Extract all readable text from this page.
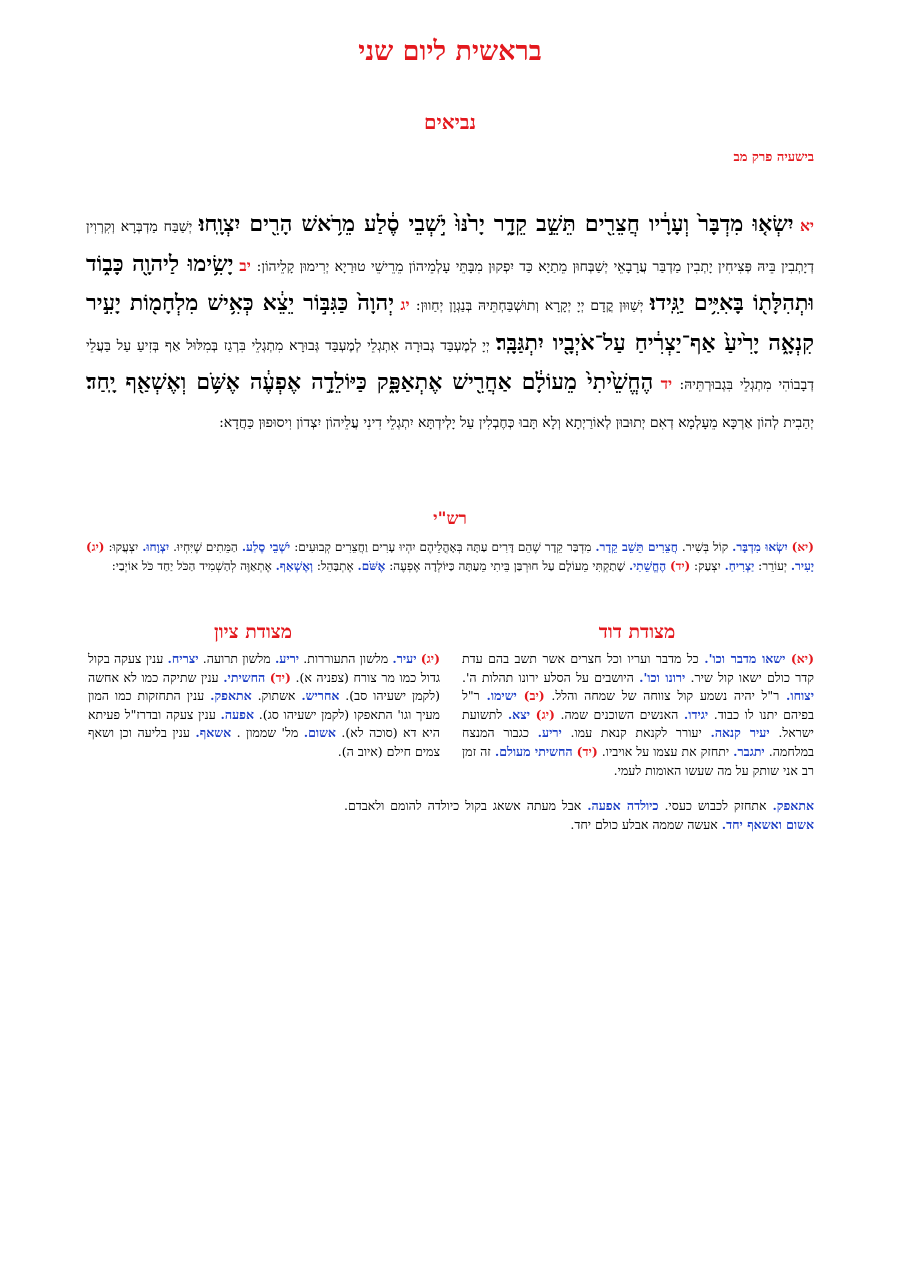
בראשית ליום שני
נביאים
בישעיה פרק מב
יא יִשְׂא֤וּ מִדְבָּר֙ וְעָרָ֔יו חֲצֵרִ֖ים תֵּשֵׁ֣ב קֵדָ֑ר יָרֹ֙נּוּ֙ יֹ֣שְׁבֵי סֶ֔לַע מֵרֹ֥אשׁ הָרִ֖ים יִצְוָֽחוּ׃ יְשַׁבַּח מַדְבְּרָא וְקִרְוִין דְיָתְבִין בֵּיהּ פְּצִיחִין יָתְבִין מַדְבַּר עֲרָבָאֵי יְשַׁבְּחוּן מֵתַיָא כַּד יִפְקוּן מִבָּתֵּי עָלְמֵיהוֹן מֵרֵישֵׁי טוּרַיָא יְרִימוּן קָלֵיהוֹן: יב יָשִׂ֥ימוּ לַיהוָ֖ה כָּב֑וֹד וּתְהִלָּת֖וֹ בָּאִיִּ֥ים יַגִּֽידוּ׃ יְשַׁוּוּן קֳדָם יְיָ יְקָרָא וְתוּשְׁבַּחְתֵּיהּ בְּנַגְוָן יְחַווּן: יג יְהוָה֙ כַּגִּבּ֣וֹר יֵצֵ֔א כְּאִ֥ישׁ מִלְחָמ֖וֹת יָעִ֣יר קִנְאָ֑ה יָרִ֙יעַ֙ אַף־יַצְרִ֔יחַ עַל־אֹיְבָ֖יו יִתְגַּבָּֽר׃ יְיָ לְמֶעְבַּד גְבוּרָה אִתְגְלֵי לְמֶעְבַּד גְּבוּרָא מִתְגְלֵי בִּרְגַז בְּמִלּוּל אַף בְּזִיעַ עַל בַּעֲלֵי דְבָבוֹהִי מִתְגְלֵי בִּגְבוּרְתֵּיהּ: יד הֶחֱשֵׁ֙יתִי֙ מֵעוֹלָ֔ם אַחֲרִ֖ישׁ אֶתְאַפָּ֑ק כַּיּוֹלֵדָ֣ה אֶפְעֶ֔ה אֶשֹּׁ֥ם וְאֶשְׁאַ֖ף יָֽחַד׃ יְהַבִית לְהוֹן אַרְכָּא מֵעָלְמָא דְאִם יְתוּבוּן לְאוֹרַיְתָא וְלָא תָּבוּ כְּחֶבְלִין עַל יָלְידְתָּא יִתְגְלֵי דִינִי עֲלֵיהוֹן יִצְדוֹן וִיסוּפוּן כַּחֲדָא:
רש"י
(יא) יִשְׂאוּ מִדְבָּר. קוֹל בְּשִׁיר. חֲצֵרִים תֵּשֵׁב קֵדָר. מִדְבַּר קֵדָר שֶׁהֵם דָּרִים עַתָּה בְּאָהֳלֵיהֶם יִהְיוּ עָרִים וַחֲצֵרִים קְבוּעִים: יֹשְׁבֵי סֶלַע. הַמֵּתִים שֶׁיִּחְיוּ. יִצְוָחוּ. יִצְעֲקוּ: (יג) יָעִיר. יְעוֹרֵר: יַצְרִיחַ. יִצְעַק: (יד) הֶחֱשֵׁתִי. שָׁתַקְתִּי מֵעוֹלָם עַל חוּרְבַּן בֵּיתִי מֵעַתָּה כַּיּוֹלְדָה אֶפְעֶה: אֶשֹּׁם. אֶתְבַּהֵל: וְאֶשְׁאַף. אֶתְאַוֶּה לְהַשְׁמִיד הַכֹּל יַחַד כֹּל אוֹיְבַי:
מצודת דוד
מצודת ציון
(יא) ישאו מדבר וכו'. כל מדבר ועריו וכל חצרים אשר תשב בהם עדת קדר כולם ישאו קול שיר. ירונו וכו'. היושבים על הסלע ירונו תהלות ה'. יצוחו. ר"ל יהיה נשמע קול צווחה של שמחה והלל. (יב) ישימו. ר"ל בפיהם יתנו לו כבוד. יגידו. האנשים השוכנים שמה. (יג) יצא. לתשועת ישראל. יעיר קנאה. יעורר לקנאת קנאת עמו. יריע. כגבור המנצח במלחמה. יתגבר. יתחזק את עצמו על אויביו. (יד) החשיתי מעולם. זה זמן רב אני שותק על מה שעשו האומות לעמי.
אתאפק. אתחזק לכבוש כעסי. כיולדה אפעה. אבל מעתה אשאג בקול כיולדה להומם ולאבדם. אשום ואשאף יחד. אעשה שממה אבלע כולם יחד.
(יג) יעיר. מלשון התעוררות. יריע. מלשון תרועה. יצריח. ענין צעקה בקול גדול כמו מר צורח (צפניה א). (יד) החשיתי. ענין שתיקה כמו לא אחשה (לקמן ישעיהו סב). אחריש. אשתוק. אתאפק. ענין התחזקות כמו המון מעיך וגו' התאפקו (לקמן ישעיהו סג). אפעה. ענין צעקה ובדרז"ל פעיתא היא דא (סוכה לא). אשום. מל' שממון . אשאף. ענין בליעה וכן ושאף צמים חילם (איוב ה).
